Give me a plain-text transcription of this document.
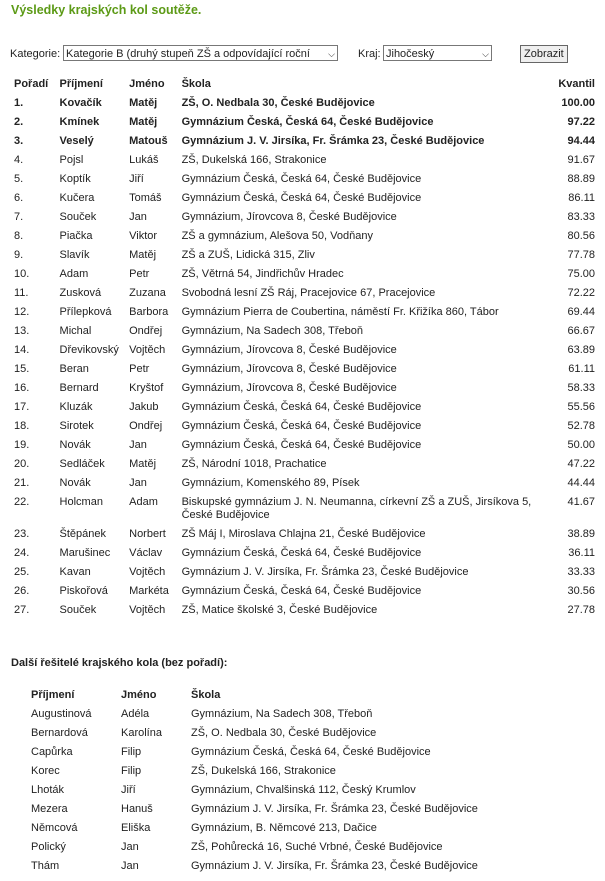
Výsledky krajských kol soutěže.
Kategorie: Kategorie B (druhý stupeň ZŠ a odpovídající roční ⌵ Kraj: Jihočeský	⌵	Zobrazit
Pořadí	Příjmení	Jméno	Škola	Kvantil
1.	Kovačík	Matěj	ZŠ, O. Nedbala 30, České Budějovice	100.00
2.	Kmínek	Matěj	Gymnázium Česká, Česká 64, České Budějovice	97.22
3.	Veselý	Matouš	Gymnázium J. V. Jirsíka, Fr. Šrámka 23, České Budějovice	94.44
4.	Pojsl	Lukáš	ZŠ, Dukelská 166, Strakonice	91.67
5.	Koptík	Jiří	Gymnázium Česká, Česká 64, České Budějovice	88.89
6.	Kučera	Tomáš	Gymnázium Česká, Česká 64, České Budějovice	86.11
7.	Souček	Jan	Gymnázium, Jírovcova 8, České Budějovice	83.33
8.	Piačka	Viktor	ZŠ a gymnázium, Alešova 50, Vodňany	80.56
9.	Slavík	Matěj	ZŠ a ZUŠ, Lidická 315, Zliv	77.78
10.	Adam	Petr	ZŠ, Větrná 54, Jindřichův Hradec	75.00
11.	Zusková	Zuzana	Svobodná lesní ZŠ Ráj, Pracejovice 67, Pracejovice	72.22
12.	Přílepková	Barbora	Gymnázium Pierra de Coubertina, náměstí Fr. Křižíka 860, Tábor	69.44
13.	Michal	Ondřej	Gymnázium, Na Sadech 308, Třeboň	66.67
14.	Dřevikovský	Vojtěch	Gymnázium, Jírovcova 8, České Budějovice	63.89
15.	Beran	Petr	Gymnázium, Jírovcova 8, České Budějovice	61.11
16.	Bernard	Kryštof	Gymnázium, Jírovcova 8, České Budějovice	58.33
17.	Kluzák	Jakub	Gymnázium Česká, Česká 64, České Budějovice	55.56
18.	Sirotek	Ondřej	Gymnázium Česká, Česká 64, České Budějovice	52.78
19.	Novák	Jan	Gymnázium Česká, Česká 64, České Budějovice	50.00
20.	Sedláček	Matěj	ZŠ, Národní 1018, Prachatice	47.22
21.	Novák	Jan	Gymnázium, Komenského 89, Písek	44.44
22.	Holcman	Adam	Biskupské gymnázium J. N. Neumanna, církevní ZŠ a ZUŠ, Jirsíkova 5, České Budějovice	41.67
23.	Štěpánek	Norbert	ZŠ Máj I, Miroslava Chlajna 21, České Budějovice	38.89
24.	Marušinec	Václav	Gymnázium Česká, Česká 64, České Budějovice	36.11
25.	Kavan	Vojtěch	Gymnázium J. V. Jirsíka, Fr. Šrámka 23, České Budějovice	33.33
26.	Piskořová	Markéta	Gymnázium Česká, Česká 64, České Budějovice	30.56
27.	Souček	Vojtěch	ZŠ, Matice školské 3, České Budějovice	27.78
Další řešitelé krajského kola (bez pořadí):
Příjmení	Jméno	Škola
Augustinová	Adéla	Gymnázium, Na Sadech 308, Třeboň
Bernardová	Karolína	ZŠ, O. Nedbala 30, České Budějovice
Capůrka	Filip	Gymnázium Česká, Česká 64, České Budějovice
Korec	Filip	ZŠ, Dukelská 166, Strakonice
Lhoták	Jiří	Gymnázium, Chvalšinská 112, Český Krumlov
Mezera	Hanuš	Gymnázium J. V. Jirsíka, Fr. Šrámka 23, České Budějovice
Němcová	Eliška	Gymnázium, B. Němcové 213, Dačice
Polický	Jan	ZŠ, Pohůrecká 16, Suché Vrbné, České Budějovice
Thám	Jan	Gymnázium J. V. Jirsíka, Fr. Šrámka 23, České Budějovice
